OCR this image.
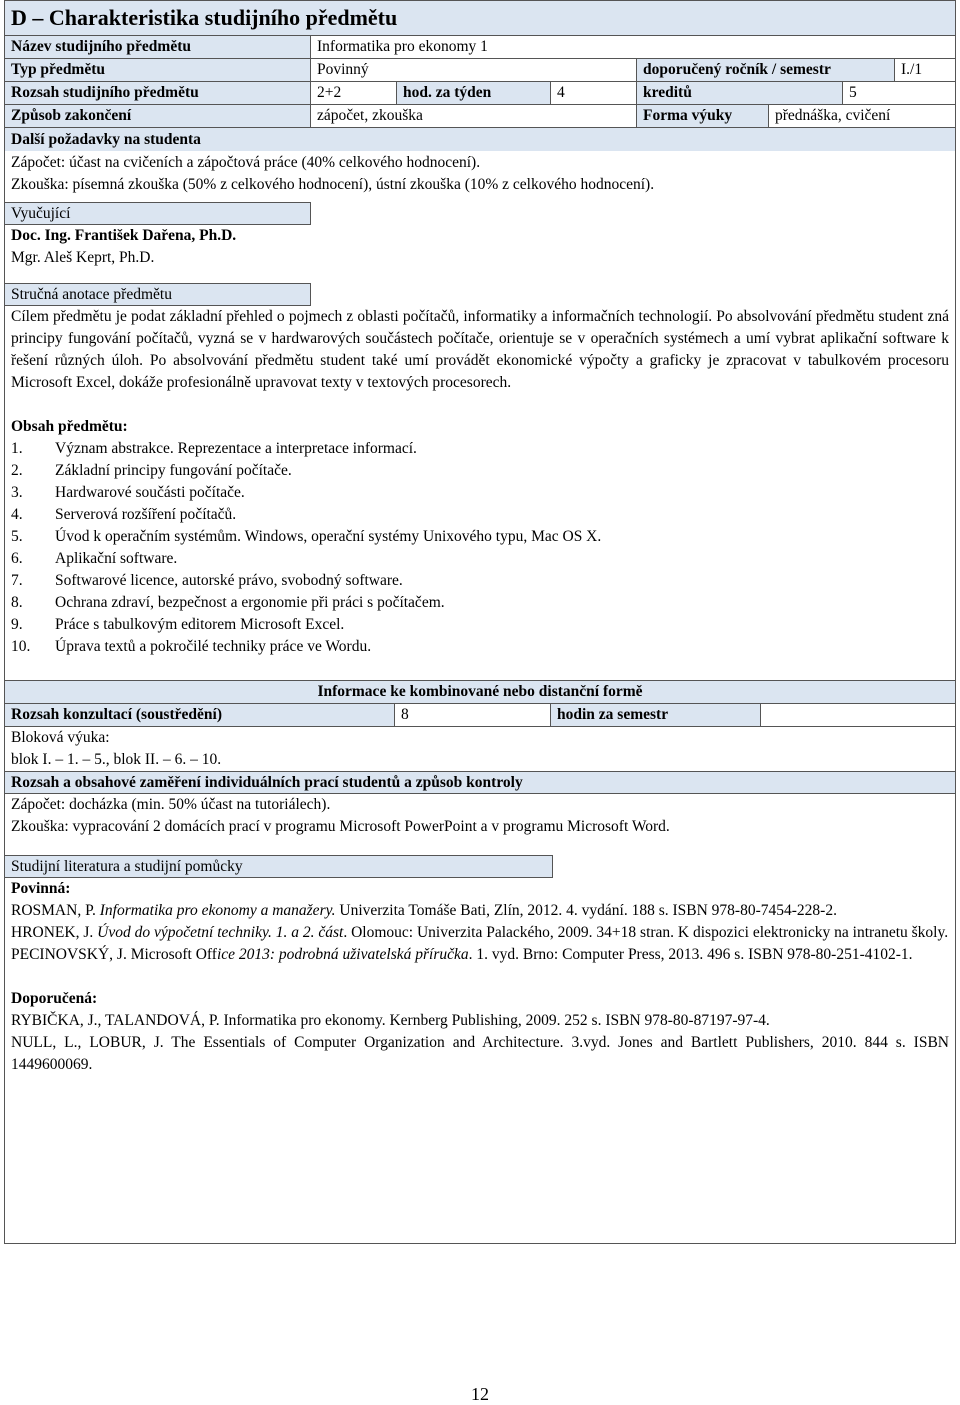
D – Charakteristika studijního předmětu
Název studijního předmětu	Informatika pro ekonomy 1
Typ předmětu	Povinný	doporučený ročník / semestr	I./1
Rozsah studijního předmětu	2+2	hod. za týden	4	kreditů	5
Způsob zakončení	zápočet, zkouška	Forma výuky	přednáška, cvičení
Další požadavky na studenta
Zápočet: účast na cvičeních a zápočtová práce (40% celkového hodnocení).
Zkouška: písemná zkouška (50% z celkového hodnocení), ústní zkouška (10% z celkového hodnocení).
Vyučující
Doc. Ing. František Dařena, Ph.D.
Mgr. Aleš Keprt, Ph.D.
Stručná anotace předmětu
Cílem předmětu je podat základní přehled o pojmech z oblasti počítačů, informatiky a informačních technologií. Po absolvování předmětu student zná principy fungování počítačů, vyzná se v hardwarových součástech počítače, orientuje se v operačních systémech a umí vybrat aplikační software k řešení různých úloh. Po absolvování předmětu student také umí provádět ekonomické výpočty a graficky je zpracovat v tabulkovém procesoru Microsoft Excel, dokáže profesionálně upravovat texty v textových procesorech.
Obsah předmětu:
1.	Význam abstrakce. Reprezentace a interpretace informací.
2.	Základní principy fungování počítače.
3.	Hardwarové součásti počítače.
4.	Serverová rozšíření počítačů.
5.	Úvod k operačním systémům. Windows, operační systémy Unixového typu, Mac OS X.
6.	Aplikační software.
7.	Softwarové licence, autorské právo, svobodný software.
8.	Ochrana zdraví, bezpečnost a ergonomie při práci s počítačem.
9.	Práce s tabulkovým editorem Microsoft Excel.
10.	Úprava textů a pokročilé techniky práce ve Wordu.
Informace ke kombinované nebo distanční formě
Rozsah konzultací (soustředění)	8	hodin za semestr
Bloková výuka:
blok I. – 1. – 5., blok II. – 6. – 10.
Rozsah a obsahové zaměření individuálních prací studentů a způsob kontroly
Zápočet: docházka (min. 50% účast na tutoriálech).
Zkouška: vypracování 2 domácích prací v programu Microsoft PowerPoint a v programu Microsoft Word.
Studijní literatura a studijní pomůcky
Povinná:

ROSMAN, P. Informatika pro ekonomy a manažery. Univerzita Tomáše Bati, Zlín, 2012. 4. vydání. 188 s. ISBN 978-80-7454-228-2.

HRONEK, J. Úvod do výpočetní techniky. 1. a 2. část. Olomouc: Univerzita Palackého, 2009. 34+18 stran. K dispozici elektronicky na intranetu školy.

PECINOVSKÝ, J. Microsoft Office 2013: podrobná uživatelská příručka. 1. vyd. Brno: Computer Press, 2013. 496 s. ISBN 978-80-251-4102-1.

Doporučená:

RYBIČKA, J., TALANDOVÁ, P. Informatika pro ekonomy. Kernberg Publishing, 2009. 252 s. ISBN 978-80-87197-97-4.

NULL, L., LOBUR, J. The Essentials of Computer Organization and Architecture. 3.vyd. Jones and Bartlett Publishers, 2010. 844 s. ISBN 1449600069.

12
